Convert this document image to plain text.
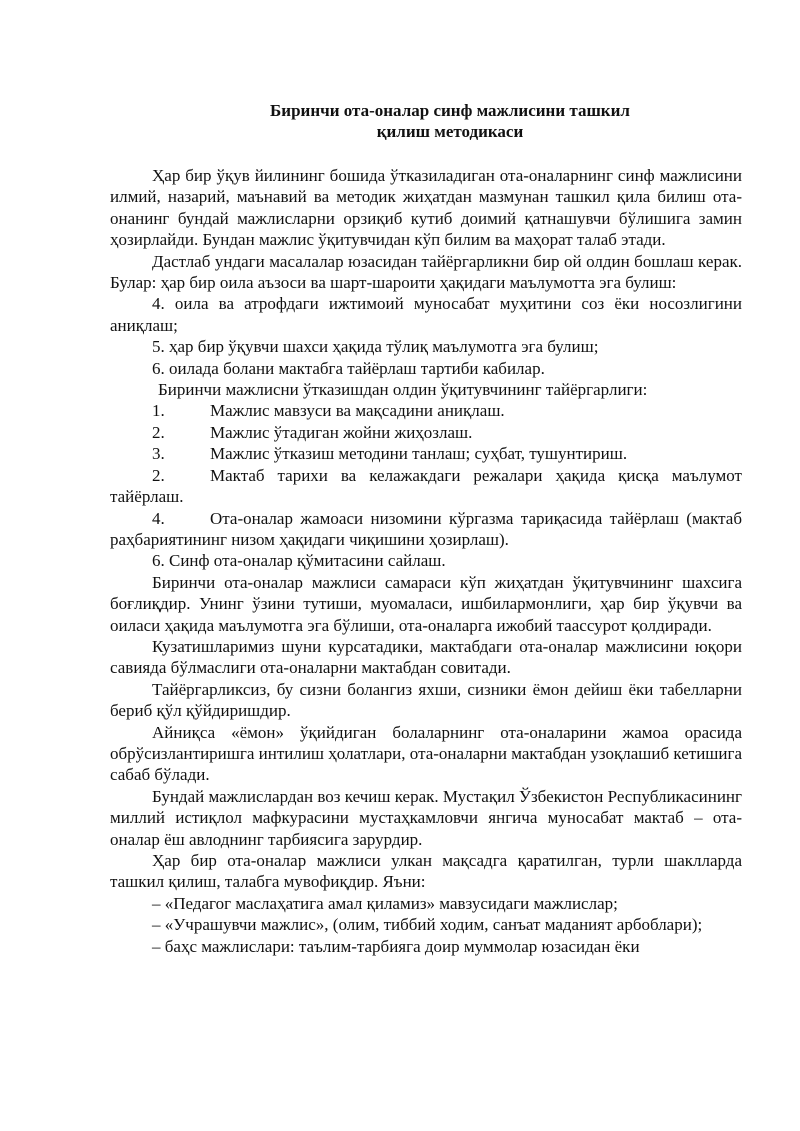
Биринчи ота-оналар синф мажлисини ташкил
қилиш методикаси

Ҳар бир ўқув йилининг бошида ўтказиладиган ота-оналарнинг синф мажлисини илмий, назарий, маънавий ва методик жиҳатдан мазмунан ташкил қила билиш ота-онанинг бундай мажлисларни орзиқиб кутиб доимий қатнашувчи бўлишига замин ҳозирлайди. Бундан мажлис ўқитувчидан кўп билим ва маҳорат талаб этади.

Дастлаб ундаги масалалар юзасидан тайёргарликни бир ой олдин бошлаш керак. Булар: ҳар бир оила аъзоси ва шарт-шароити ҳақидаги маълумотта эга булиш:

4. оила ва атрофдаги ижтимоий муносабат муҳитини соз ёки носозлигини аниқлаш;

5. ҳар бир ўқувчи шахси ҳақида тўлиқ маълумотга эга булиш;

6. оилада болани мактабга тайёрлаш тартиби кабилар.

Биринчи мажлисни ўтказишдан олдин ўқитувчининг тайёргарлиги:

1.	Мажлис мавзуси ва мақсадини аниқлаш.

2.	Мажлис ўтадиган жойни жиҳозлаш.

3.	Мажлис ўтказиш методини танлаш; суҳбат, тушунтириш.

2.	Мактаб тарихи ва келажакдаги режалари ҳақида қисқа маълумот тайёрлаш.

4.	Ота-оналар жамоаси низомини кўргазма тариқасида тайёрлаш (мактаб раҳбариятининг низом ҳақидаги чиқишини ҳозирлаш).

6. Синф ота-оналар қўмитасини сайлаш.

Биринчи ота-оналар мажлиси самараси кўп жиҳатдан ўқитувчининг шахсига боғлиқдир. Унинг ўзини тутиши, муомаласи, ишбилармонлиги, ҳар бир ўқувчи ва оиласи ҳақида маълумотга эга бўлиши, ота-оналарга ижобий таассурот қолдиради.

Кузатишларимиз шуни курсатадики, мактабдаги ота-оналар мажлисини юқори савияда бўлмаслиги ота-оналарни мактабдан совитади.

Тайёргарликсиз, бу сизни болангиз яхши, сизники ёмон дейиш ёки табелларни бериб қўл қўйдиришдир.

Айниқса «ёмон» ўқийдиган болаларнинг ота-оналарини жамоа орасида обрўсизлантиришга интилиш ҳолатлари, ота-оналарни мактабдан узоқлашиб кетишига сабаб бўлади.

Бундай мажлислардан воз кечиш керак. Мустақил Ўзбекистон Республикасининг миллий истиқлол мафкурасини мустаҳкамловчи янгича муносабат мактаб – ота-оналар ёш авлоднинг тарбиясига зарурдир.

Ҳар бир ота-оналар мажлиси улкан мақсадга қаратилган, турли шаклларда ташкил қилиш, талабга мувофиқдир. Яъни:

– «Педагог маслаҳатига амал қиламиз» мавзусидаги мажлислар;

– «Учрашувчи мажлис», (олим, тиббий ходим, санъат маданият арбоблари);

– баҳс мажлислари: таълим-тарбияга доир муммолар юзасидан ёки
